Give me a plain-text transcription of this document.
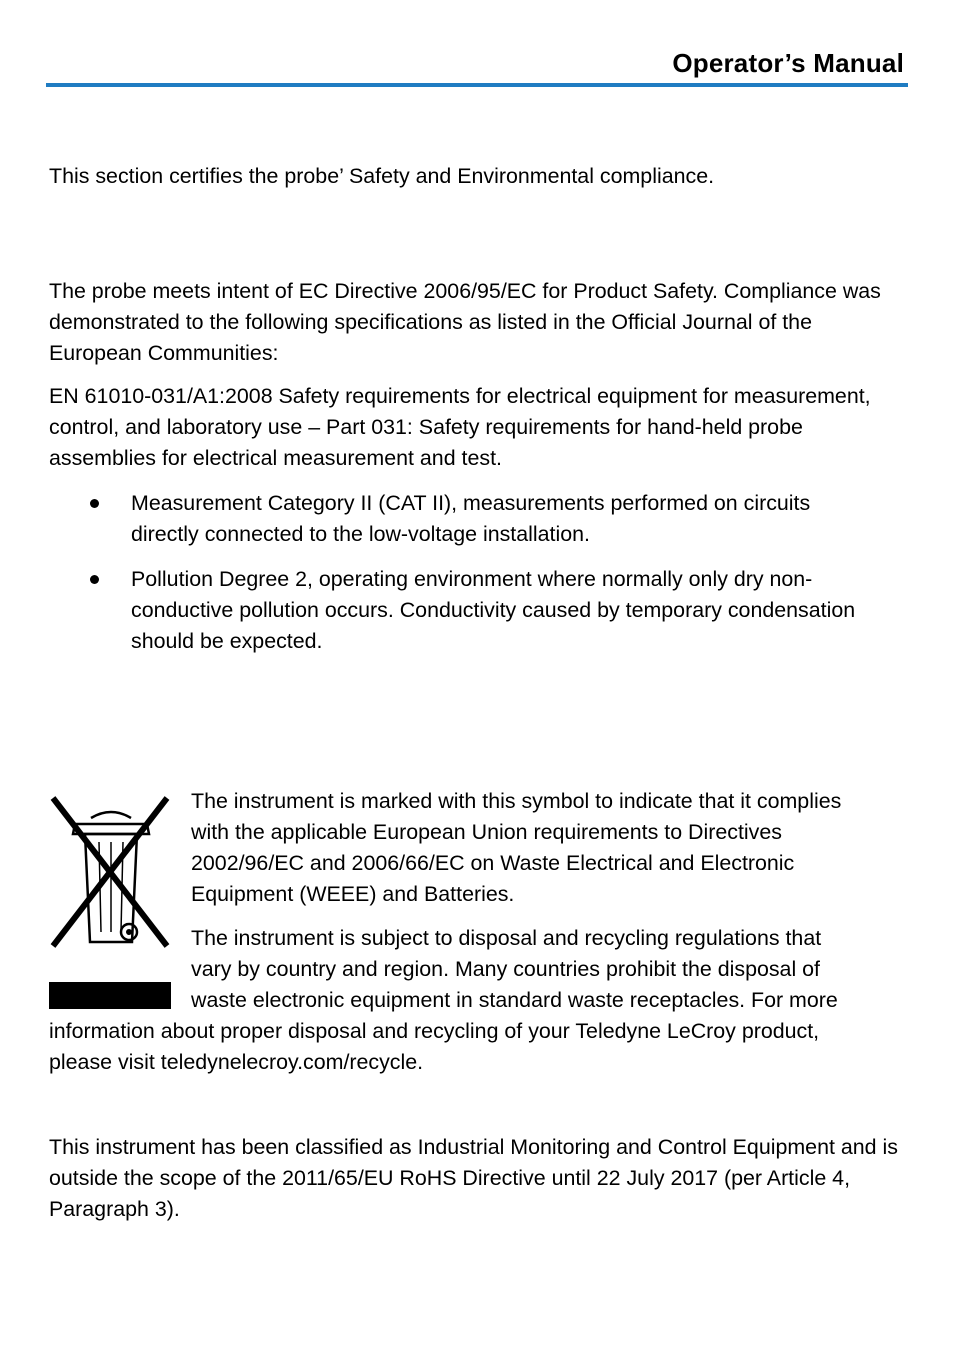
Operator’s Manual

This section certifies the probe’ Safety and Environmental compliance.

The probe meets intent of EC Directive 2006/95/EC for Product Safety. Compliance was demonstrated to the following specifications as listed in the Official Journal of the European Communities:

EN 61010-031/A1:2008 Safety requirements for electrical equipment for measurement, control, and laboratory use – Part 031: Safety requirements for hand-held probe assemblies for electrical measurement and test.

Measurement Category II (CAT II), measurements performed on circuits directly connected to the low-voltage installation.
Pollution Degree 2, operating environment where normally only dry non-conductive pollution occurs. Conductivity caused by temporary condensation should be expected.

The instrument is marked with this symbol to indicate that it complies
with the applicable European Union requirements to Directives
2002/96/EC and 2006/66/EC on Waste Electrical and Electronic
Equipment (WEEE) and Batteries.

The instrument is subject to disposal and recycling regulations that
vary by country and region. Many countries prohibit the disposal of
waste electronic equipment in standard waste receptacles. For more
information about proper disposal and recycling of your Teledyne LeCroy product,
please visit teledynelecroy.com/recycle.

This instrument has been classified as Industrial Monitoring and Control Equipment and is outside the scope of the 2011/65/EU RoHS Directive until 22 July 2017 (per Article 4, Paragraph 3).
